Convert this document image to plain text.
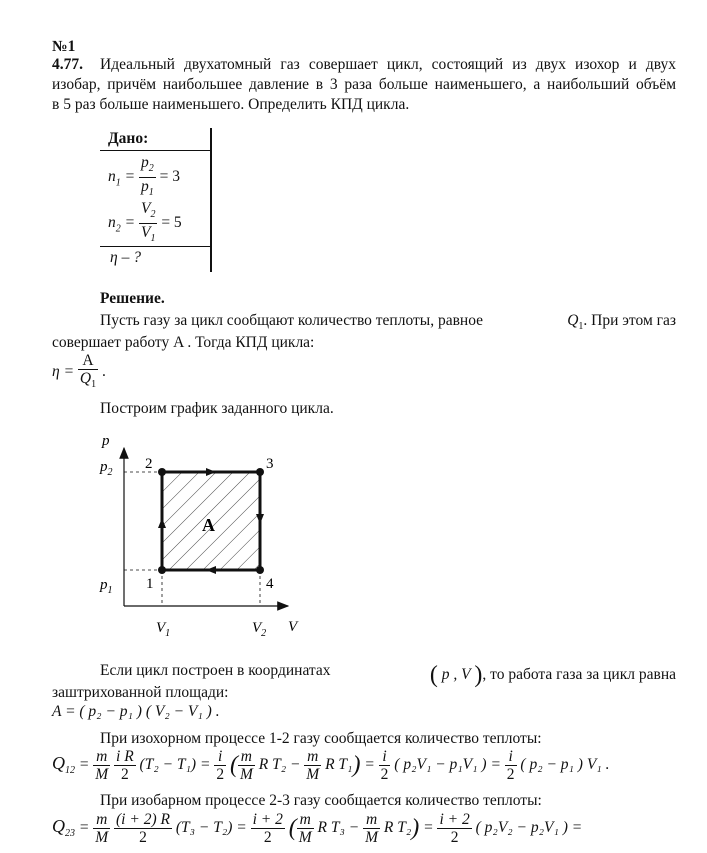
№1
4.77. Идеальный двухатомный газ совершает цикл, состоящий из двух изохор и двух
изобар, причём наибольшее давление в 3 раза больше наименьшего, а наибольший объём
в 5 раз больше наименьшего. Определить КПД цикла.
Дано:
$n_1 = \frac{p_2}{p_1} = 3$
$n_2 = \frac{V_2}{V_1} = 5$
η – ?
Решение.
Пусть газу за цикл сообщают количество теплоты, равное	$Q_1$. При этом газ
совершает работу A . Тогда КПД цикла:
$\eta = \frac{A}{Q_1}$ .
Построим график заданного цикла.
p
V
$p_2$
$p_1$
$V_1$	$V_2$
2	3
1	4
A
Если цикл построен в координатах	( p , V ), то работа газа за цикл равна
заштрихованной площади:
A = ( p₂ − p₁ ) ( V₂ − V₁ ) .
При изохорном процессе 1-2 газу сообщается количество теплоты:
$Q_{12} = \frac{m}{M}$
$\frac{\text{i R}}{2} (T_2 - T_1) = \frac{i}{2}$ ( $\frac{m}{M}$ R $T_2 - \frac{m}{M}$ R $T_1) = \frac{i}{2}$ ( p₂V₁ − p₁V₁ ) = $\frac{i}{2}$ ( p₂ − p₁ ) V₁ .
При изобарном процессе 2-3 газу сообщается количество теплоты:
$Q_{23} = \frac{m}{M}$
$\frac{(i + 2) R}{2} (T_3 - T_2) = \frac{i + 2}{2}$ ( $\frac{m}{M}$ R $T_3 - \frac{m}{M}$ R $T_2) = \frac{i + 2}{2}$ ( p₂V₂ − p₂V₁ ) =
